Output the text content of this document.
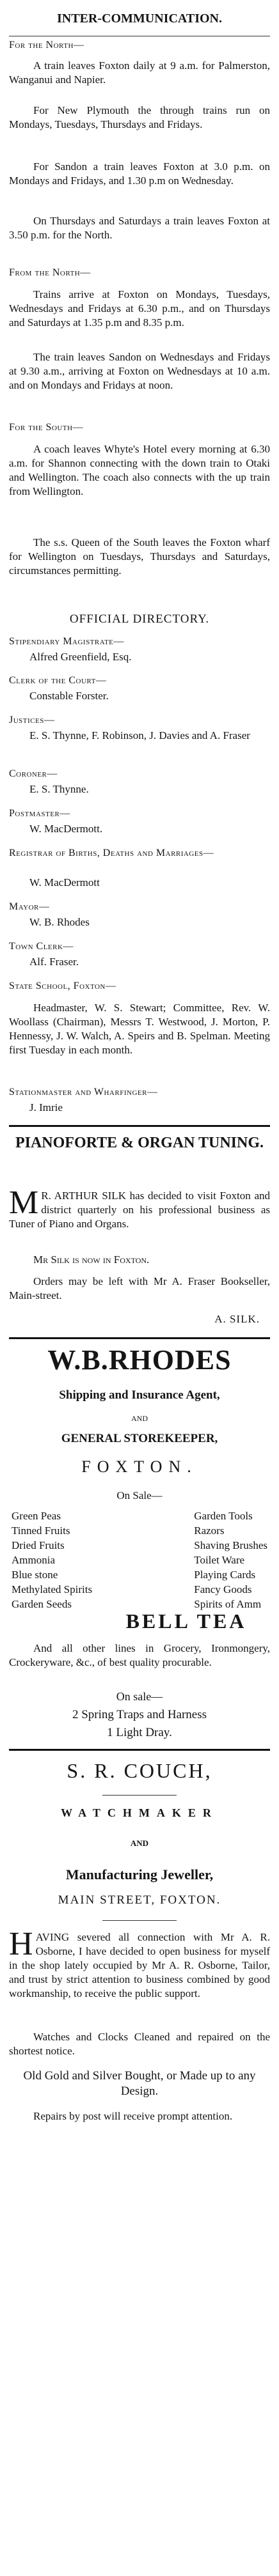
INTER-COMMUNICATION.
For the North—
A train leaves Foxton daily at 9 a.m. for Palmerston, Wanganui and Napier.
For New Plymouth the through trains run on Mondays, Tuesdays, Thursdays and Fridays.
For Sandon a train leaves Foxton at 3.0 p.m. on Mondays and Fridays, and 1.30 p.m on Wednesday.
On Thursdays and Saturdays a train leaves Foxton at 3.50 p.m. for the North.
From the North—
Trains arrive at Foxton on Mondays, Tuesdays, Wednesdays and Fridays at 6.30 p.m., and on Thursdays and Saturdays at 1.35 p.m and 8.35 p.m.
The train leaves Sandon on Wednesdays and Fridays at 9.30 a.m., arriving at Foxton on Wednesdays at 10 a.m. and on Mondays and Fridays at noon.
For the South—
A coach leaves Whyte's Hotel every morning at 6.30 a.m. for Shannon connecting with the down train to Otaki and Wellington. The coach also connects with the up train from Wellington.
The s.s. Queen of the South leaves the Foxton wharf for Wellington on Tuesdays, Thursdays and Saturdays, circumstances permitting.
OFFICIAL DIRECTORY.
Stipendiary Magistrate—
Alfred Greenfield, Esq.
Clerk of the Court—
Constable Forster.
Justices—
E. S. Thynne, F. Robinson, J. Davies and A. Fraser
Coroner—
E. S. Thynne.
Postmaster—
W. MacDermott.
Registrar of Births, Deaths and Marriages—
W. MacDermott
Mayor—
W. B. Rhodes
Town Clerk—
Alf. Fraser.
State School, Foxton—
Headmaster, W. S. Stewart; Committee, Rev. W. Woollass (Chairman), Messrs T. Westwood, J. Morton, P. Hennessy, J. W. Walch, A. Speirs and B. Spelman. Meeting first Tuesday in each month.
Stationmaster and Wharfinger—
J. Imrie
PIANOFORTE & ORGAN TUNING.
M R. ARTHUR SILK has decided to visit Foxton and district quarterly on his professional business as Tuner of Piano and Organs.
Mr Silk is now in Foxton.
Orders may be left with Mr A. Fraser Bookseller, Main-street.
A. SILK.
W.B.RHODES
Shipping and Insurance Agent,
AND
GENERAL STOREKEEPER,
FOXTON.
On Sale—
Green Peas
Tinned Fruits
Dried Fruits
Ammonia
Blue stone
Methylated Spirits
Garden Seeds
Garden Tools
Razors
Shaving Brushes
Toilet Ware
Playing Cards
Fancy Goods
Spirits of Amm
BELL TEA
And all other lines in Grocery, Ironmongery, Crockeryware, &c., of best quality procurable.
On sale—
2 Spring Traps and Harness
1 Light Dray.
S. R. COUCH,
WATCHMAKER
AND
Manufacturing Jeweller,
MAIN STREET, FOXTON.
H AVING severed all connection with Mr A. R. Osborne, I have decided to open business for myself in the shop lately occupied by Mr A. R. Osborne, Tailor, and trust by strict attention to business combined by good workmanship, to receive the public support.
Watches and Clocks Cleaned and repaired on the shortest notice.
Old Gold and Silver Bought, or Made up to any Design.
Repairs by post will receive prompt attention.
